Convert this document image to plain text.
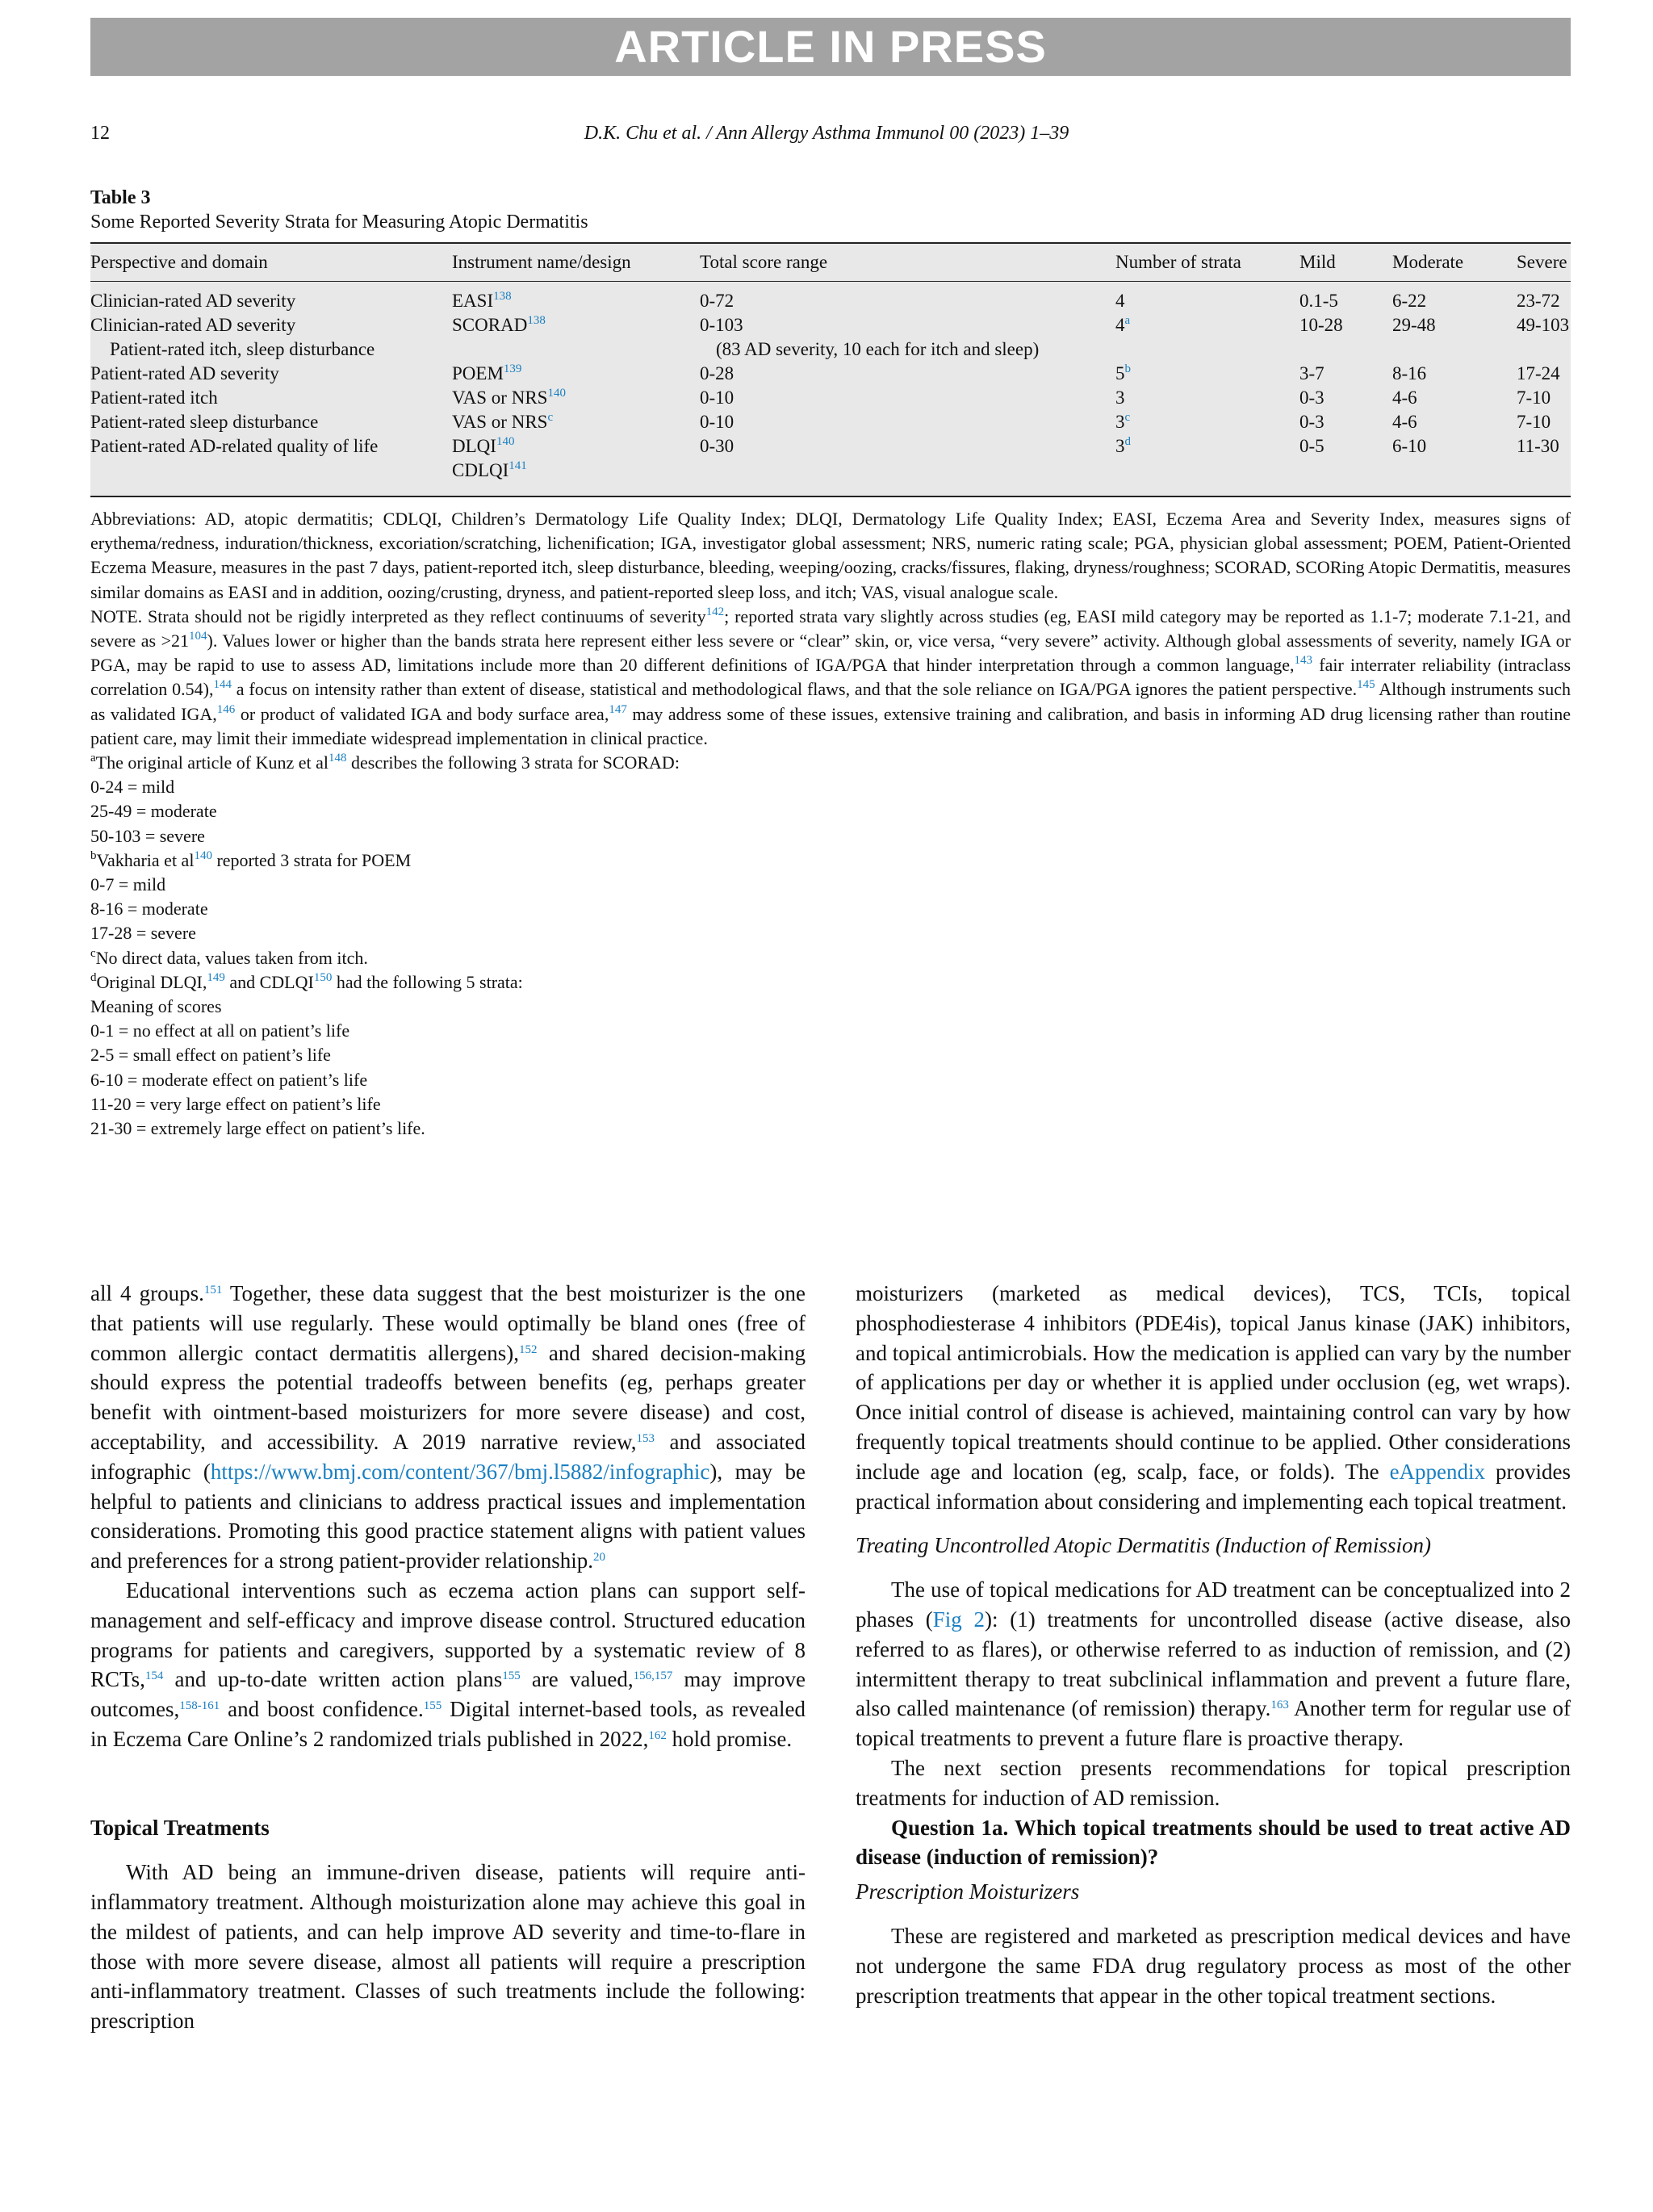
ARTICLE IN PRESS
12	D.K. Chu et al. / Ann Allergy Asthma Immunol 00 (2023) 1–39
Table 3
Some Reported Severity Strata for Measuring Atopic Dermatitis
Perspective and domain	Instrument name/design	Total score range	Number of strata	Mild	Moderate	Severe
Clinician-rated AD severity	EASI$^{138}$	0-72	4	0.1-5	6-22	23-72
Clinician-rated AD severity	SCORAD$^{138}$	0-103	4$^a$	10-28	29-48	49-103
Patient-rated itch, sleep disturbance	(83 AD severity, 10 each for itch and sleep)
Patient-rated AD severity	POEM$^{139}$	0-28	5$^b$	3-7	8-16	17-24
Patient-rated itch	VAS or NRS$^{140}$	0-10	3	0-3	4-6	7-10
Patient-rated sleep disturbance	VAS or NRS$^c$	0-10	3$^c$	0-3	4-6	7-10
Patient-rated AD-related quality of life	DLQI$^{140}$	0-30	3$^d$	0-5	6-10	11-30
CDLQI$^{141}$

Abbreviations: AD, atopic dermatitis; CDLQI, Children’s Dermatology Life Quality Index; DLQI, Dermatology Life Quality Index; EASI, Eczema Area and Severity Index, measures signs of erythema/redness, induration/thickness, excoriation/scratching, lichenification; IGA, investigator global assessment; NRS, numeric rating scale; PGA, physician global assessment; POEM, Patient-Oriented Eczema Measure, measures in the past 7 days, patient-reported itch, sleep disturbance, bleeding, weeping/oozing, cracks/fissures, flaking, dryness/roughness; SCORAD, SCORing Atopic Dermatitis, measures similar domains as EASI and in addition, oozing/crusting, dryness, and patient-reported sleep loss, and itch; VAS, visual analogue scale.

NOTE. Strata should not be rigidly interpreted as they reflect continuums of severity$^{142}$; reported strata vary slightly across studies (eg, EASI mild category may be reported as 1.1-7; moderate 7.1-21, and severe as $>21^{104}$). Values lower or higher than the bands strata here represent either less severe or “clear” skin, or, vice versa, “very severe” activity. Although global assessments of severity, namely IGA or PGA, may be rapid to use to assess AD, limitations include more than 20 different definitions of IGA/PGA that hinder interpretation through a common language,$^{143}$ fair interrater reliability (intraclass correlation 0.54),$^{144}$ a focus on intensity rather than extent of disease, statistical and methodological flaws, and that the sole reliance on IGA/PGA ignores the patient perspective.$^{145}$ Although instruments such as validated IGA,$^{146}$ or product of validated IGA and body surface area,$^{147}$ may address some of these issues, extensive training and calibration, and basis in informing AD drug licensing rather than routine patient care, may limit their immediate widespread implementation in clinical practice.

$^a$The original article of Kunz et $al^{148}$ describes the following 3 strata for SCORAD:
0-24 = mild
25-49 = moderate
50-103 = severe
$^b$Vakharia et $al^{140}$ reported 3 strata for POEM
0-7 = mild
8-16 = moderate
17-28 = severe
$^c$No direct data, values taken from itch.
$^d$Original DLQI,$^{149}$ and CDLQI$^{150}$ had the following 5 strata:
Meaning of scores
0-1 = no effect at all on patient’s life
2-5 = small effect on patient’s life
6-10 = moderate effect on patient’s life
11-20 = very large effect on patient’s life
21-30 = extremely large effect on patient’s life.

all 4 groups.$^{151}$ Together, these data suggest that the best moisturizer is the one that patients will use regularly. These would optimally be bland ones (free of common allergic contact dermatitis allergens),$^{152}$ and shared decision-making should express the potential tradeoffs between benefits (eg, perhaps greater benefit with ointment-based moisturizers for more severe disease) and cost, acceptability, and accessibility. A 2019 narrative review,$^{153}$ and associated infographic (https://www.bmj.com/content/367/bmj.l5882/infographic), may be helpful to patients and clinicians to address practical issues and implementation considerations. Promoting this good practice statement aligns with patient values and preferences for a strong patient-provider relationship.$^{20}$

Educational interventions such as eczema action plans can support self-management and self-efficacy and improve disease control. Structured education programs for patients and caregivers, supported by a systematic review of 8 RCTs,$^{154}$ and up-to-date written action plans$^{155}$ are valued,$^{156,157}$ may improve outcomes,$^{158-161}$ and boost confidence.$^{155}$ Digital internet-based tools, as revealed in Eczema Care Online’s 2 randomized trials published in 2022,$^{162}$ hold promise.

Topical Treatments

With AD being an immune-driven disease, patients will require anti-inflammatory treatment. Although moisturization alone may achieve this goal in the mildest of patients, and can help improve AD severity and time-to-flare in those with more severe disease, almost all patients will require a prescription anti-inflammatory treatment. Classes of such treatments include the following: prescription

moisturizers (marketed as medical devices), TCS, TCIs, topical phosphodiesterase 4 inhibitors (PDE4is), topical Janus kinase (JAK) inhibitors, and topical antimicrobials. How the medication is applied can vary by the number of applications per day or whether it is applied under occlusion (eg, wet wraps). Once initial control of disease is achieved, maintaining control can vary by how frequently topical treatments should continue to be applied. Other considerations include age and location (eg, scalp, face, or folds). The eAppendix provides practical information about considering and implementing each topical treatment.

Treating Uncontrolled Atopic Dermatitis (Induction of Remission)

The use of topical medications for AD treatment can be conceptualized into 2 phases (Fig 2): (1) treatments for uncontrolled disease (active disease, also referred to as flares), or otherwise referred to as induction of remission, and (2) intermittent therapy to treat subclinical inflammation and prevent a future flare, also called maintenance (of remission) therapy.$^{163}$ Another term for regular use of topical treatments to prevent a future flare is proactive therapy.

The next section presents recommendations for topical prescription treatments for induction of AD remission.

Question 1a. Which topical treatments should be used to treat active AD disease (induction of remission)?

Prescription Moisturizers

These are registered and marketed as prescription medical devices and have not undergone the same FDA drug regulatory process as most of the other prescription treatments that appear in the other topical treatment sections.
